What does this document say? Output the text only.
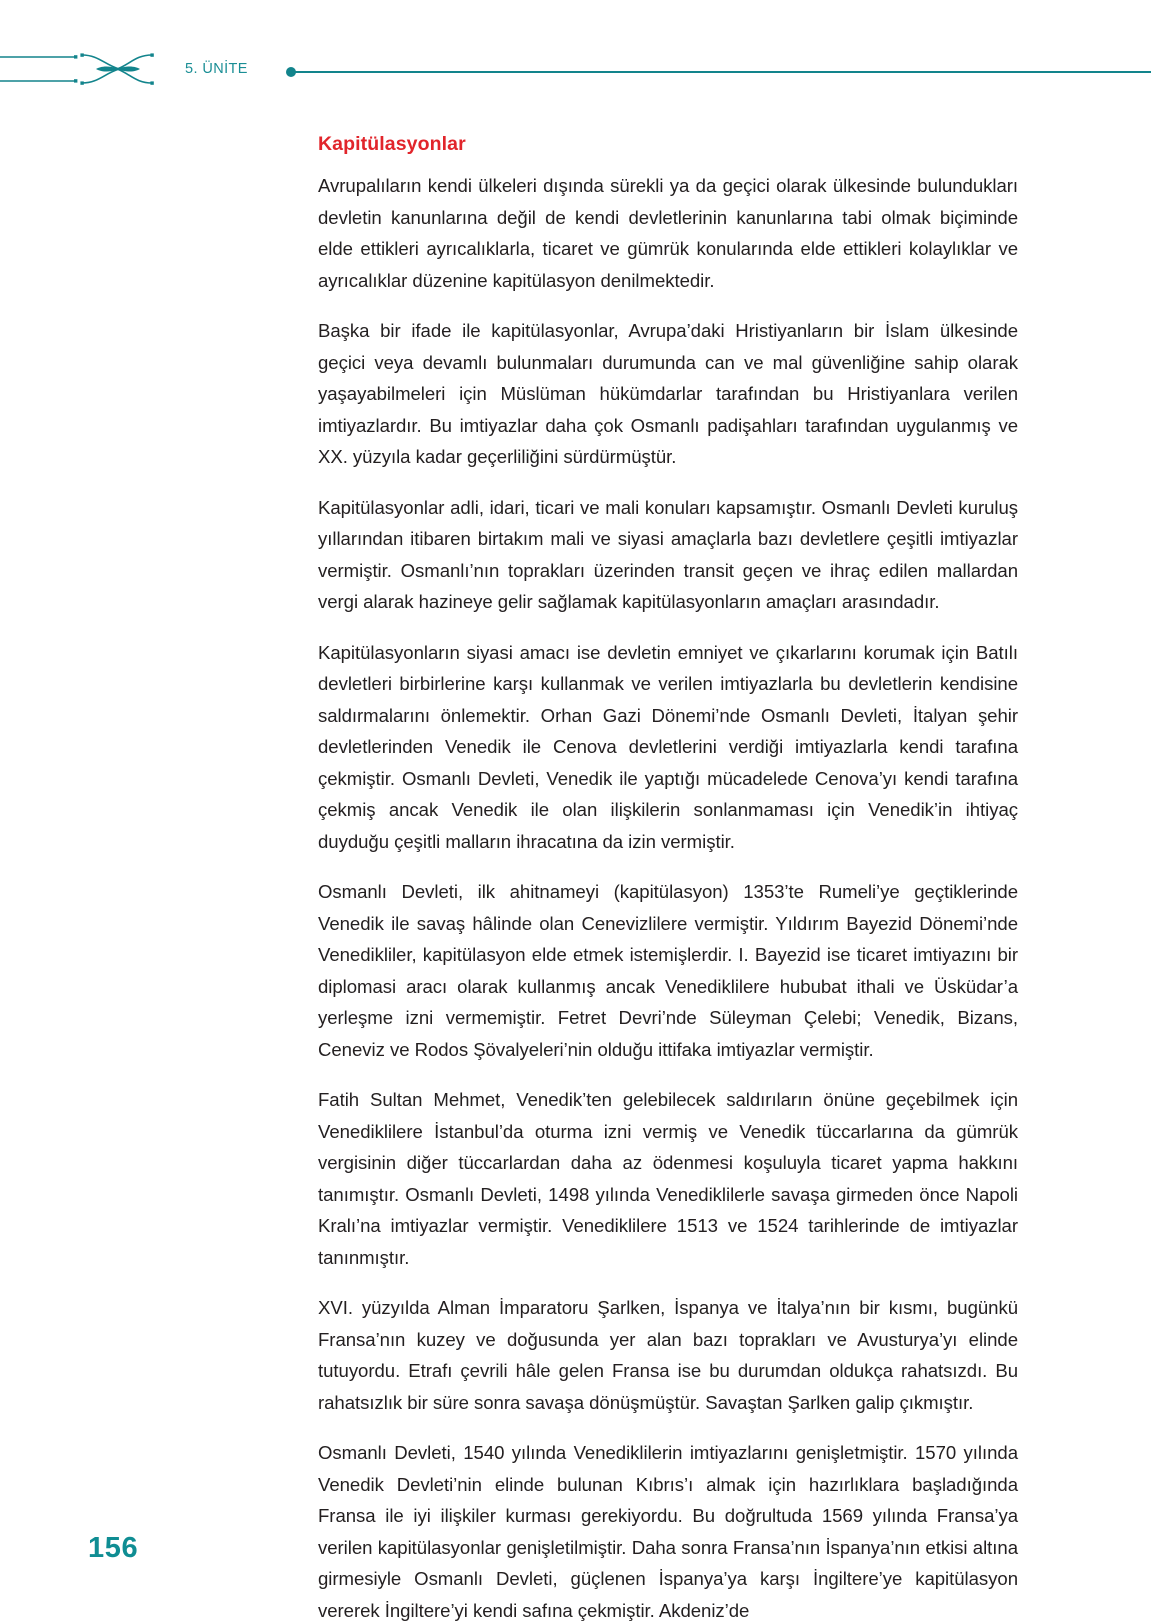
5. ÜNİTE
Kapitülasyonlar

Avrupalıların kendi ülkeleri dışında sürekli ya da geçici olarak ülkesinde bulundukları devletin kanunlarına değil de kendi devletlerinin kanunlarına tabi olmak biçiminde elde ettikleri ayrıcalıklarla, ticaret ve gümrük konularında elde ettikleri kolaylıklar ve ayrıcalıklar düzenine kapitülasyon denilmektedir.

Başka bir ifade ile kapitülasyonlar, Avrupa’daki Hristiyanların bir İslam ülkesinde geçici veya devamlı bulunmaları durumunda can ve mal güvenliğine sahip olarak yaşayabilmeleri için Müslüman hükümdarlar tarafından bu Hristiyanlara verilen imtiyazlardır. Bu imtiyazlar daha çok Osmanlı padişahları tarafından uygulanmış ve XX. yüzyıla kadar geçerliliğini sürdürmüştür.

Kapitülasyonlar adli, idari, ticari ve mali konuları kapsamıştır. Osmanlı Devleti kuruluş yıllarından itibaren birtakım mali ve siyasi amaçlarla bazı devletlere çeşitli imtiyazlar vermiştir. Osmanlı’nın toprakları üzerinden transit geçen ve ihraç edilen mallardan vergi alarak hazineye gelir sağlamak kapitülasyonların amaçları arasındadır.

Kapitülasyonların siyasi amacı ise devletin emniyet ve çıkarlarını korumak için Batılı devletleri birbirlerine karşı kullanmak ve verilen imtiyazlarla bu devletlerin kendisine saldırmalarını önlemektir. Orhan Gazi Dönemi’nde Osmanlı Devleti, İtalyan şehir devletlerinden Venedik ile Cenova devletlerini verdiği imtiyazlarla kendi tarafına çekmiştir. Osmanlı Devleti, Venedik ile yaptığı mücadelede Cenova’yı kendi tarafına çekmiş ancak Venedik ile olan ilişkilerin sonlanmaması için Venedik’in ihtiyaç duyduğu çeşitli malların ihracatına da izin vermiştir.

Osmanlı Devleti, ilk ahitnameyi (kapitülasyon) 1353’te Rumeli’ye geçtiklerinde Venedik ile savaş hâlinde olan Cenevizlilere vermiştir. Yıldırım Bayezid Dönemi’nde Venedikliler, kapitülasyon elde etmek istemişlerdir. I. Bayezid ise ticaret imtiyazını bir diplomasi aracı olarak kullanmış ancak Venediklilere hububat ithali ve Üsküdar’a yerleşme izni vermemiştir. Fetret Devri’nde Süleyman Çelebi; Venedik, Bizans, Ceneviz ve Rodos Şövalyeleri’nin olduğu ittifaka imtiyazlar vermiştir.

Fatih Sultan Mehmet, Venedik’ten gelebilecek saldırıların önüne geçebilmek için Venediklilere İstanbul’da oturma izni vermiş ve Venedik tüccarlarına da gümrük vergisinin diğer tüccarlardan daha az ödenmesi koşuluyla ticaret yapma hakkını tanımıştır. Osmanlı Devleti, 1498 yılında Venediklilerle savaşa girmeden önce Napoli Kralı’na imtiyazlar vermiştir. Venediklilere 1513 ve 1524 tarihlerinde de imtiyazlar tanınmıştır.

XVI. yüzyılda Alman İmparatoru Şarlken, İspanya ve İtalya’nın bir kısmı, bugünkü Fransa’nın kuzey ve doğusunda yer alan bazı toprakları ve Avusturya’yı elinde tutuyordu. Etrafı çevrili hâle gelen Fransa ise bu durumdan oldukça rahatsızdı. Bu rahatsızlık bir süre sonra savaşa dönüşmüştür. Savaştan Şarlken galip çıkmıştır.

Osmanlı Devleti, 1540 yılında Venediklilerin imtiyazlarını genişletmiştir. 1570 yılında Venedik Devleti’nin elinde bulunan Kıbrıs’ı almak için hazırlıklara başladığında Fransa ile iyi ilişkiler kurması gerekiyordu. Bu doğrultuda 1569 yılında Fransa’ya verilen kapitülasyonlar genişletilmiştir. Daha sonra Fransa’nın İspanya’nın etkisi altına girmesiyle Osmanlı Devleti, güçlenen İspanya’ya karşı İngiltere’ye kapitülasyon vererek İngiltere’yi kendi safına çekmiştir. Akdeniz’de

156
